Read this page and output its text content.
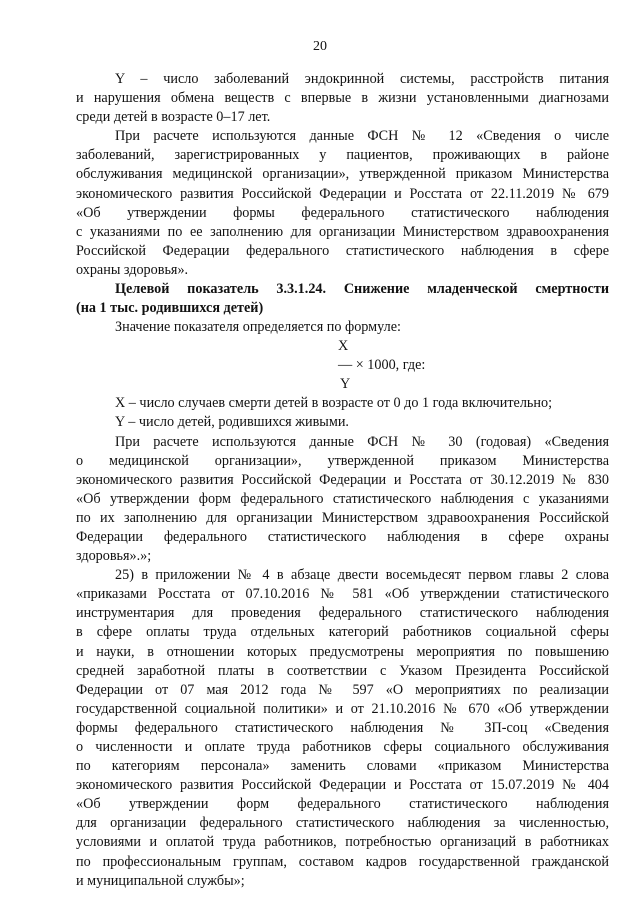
20
Y – число заболеваний эндокринной системы, расстройств питания
и нарушения обмена веществ с впервые в жизни установленными диагнозами
среди детей в возрасте 0–17 лет.
При расчете используются данные ФСН № 12 «Сведения о числе
заболеваний, зарегистрированных у пациентов, проживающих в районе
обслуживания медицинской организации», утвержденной приказом Министерства
экономического развития Российской Федерации и Росстата от 22.11.2019 № 679
«Об утверждении формы федерального статистического наблюдения
с указаниями по ее заполнению для организации Министерством здравоохранения
Российской Федерации федерального статистического наблюдения в сфере
охраны здоровья».
Целевой показатель 3.3.1.24. Снижение младенческой смертности
(на 1 тыс. родившихся детей)
Значение показателя определяется по формуле:
X
— × 1000, где:
Y
X – число случаев смерти детей в возрасте от 0 до 1 года включительно;
Y – число детей, родившихся живыми.
При расчете используются данные ФСН № 30 (годовая) «Сведения
о медицинской организации», утвержденной приказом Министерства
экономического развития Российской Федерации и Росстата от 30.12.2019 № 830
«Об утверждении форм федерального статистического наблюдения с указаниями
по их заполнению для организации Министерством здравоохранения Российской
Федерации федерального статистического наблюдения в сфере охраны
здоровья».»;
25) в приложении № 4 в абзаце двести восемьдесят первом главы 2 слова
«приказами Росстата от 07.10.2016 № 581 «Об утверждении статистического
инструментария для проведения федерального статистического наблюдения
в сфере оплаты труда отдельных категорий работников социальной сферы
и науки, в отношении которых предусмотрены мероприятия по повышению
средней заработной платы в соответствии с Указом Президента Российской
Федерации от 07 мая 2012 года № 597 «О мероприятиях по реализации
государственной социальной политики» и от 21.10.2016 № 670 «Об утверждении
формы федерального статистического наблюдения № ЗП-соц «Сведения
о численности и оплате труда работников сферы социального обслуживания
по категориям персонала» заменить словами «приказом Министерства
экономического развития Российской Федерации и Росстата от 15.07.2019 № 404
«Об утверждении форм федерального статистического наблюдения
для организации федерального статистического наблюдения за численностью,
условиями и оплатой труда работников, потребностью организаций в работниках
по профессиональным группам, составом кадров государственной гражданской
и муниципальной службы»;
